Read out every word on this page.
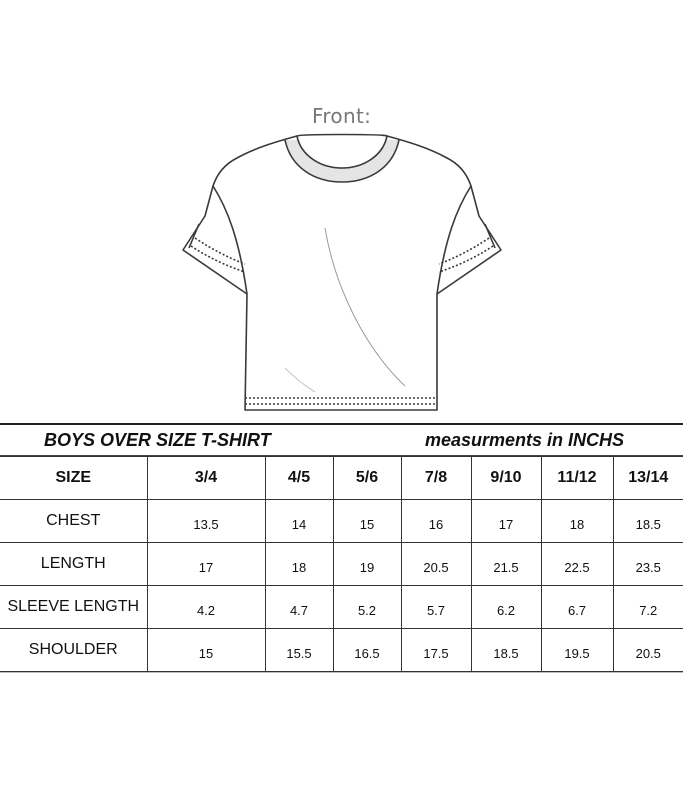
Front:
BOYS OVER SIZE T-SHIRT	measurments in INCHS
SIZE	3/4	4/5	5/6	7/8	9/10	11/12	13/14
CHEST	13.5	14	15	16	17	18	18.5
LENGTH	17	18	19	20.5	21.5	22.5	23.5
SLEEVE LENGTH	4.2	4.7	5.2	5.7	6.2	6.7	7.2
SHOULDER	15	15.5	16.5	17.5	18.5	19.5	20.5
